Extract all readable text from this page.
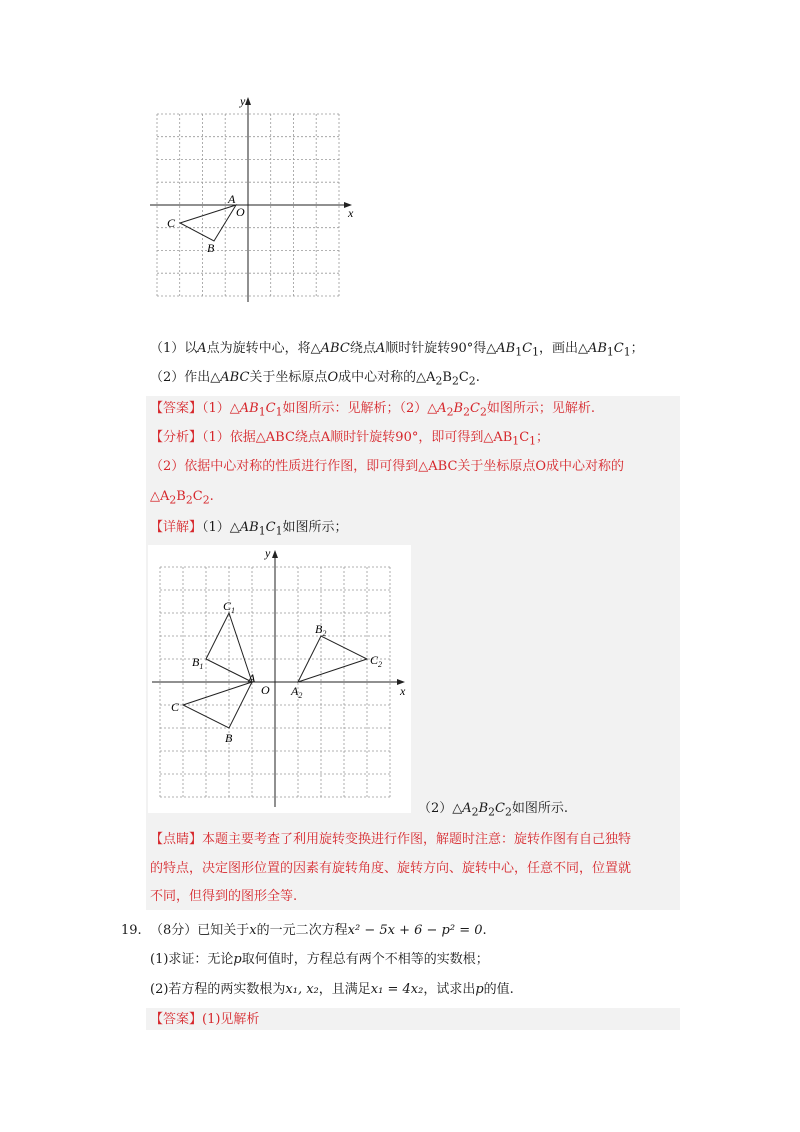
y
x
O
A
B
C
（1）以A点为旋转中心，将△ABC绕点A顺时针旋转90°得$\triangle AB_1C_1$，画出$\triangle AB_1C_1$；
（2）作出△ABC关于坐标原点O成中心对称的$\triangle A_2B_2C_2$.
【答案】$(1)\triangle AB_1C_1$如图所示：见解析；$(2)\triangle A_2B_2C_2$如图所示；见解析.
【分析】（1）依据△ABC绕点A顺时针旋转90°，即可得到$\triangle AB_1C_1$；
（2）依据中心对称的性质进行作图，即可得到△ABC关于坐标原点O成中心对称的
$\triangle A_2B_2C_2$.
【详解】$(1)\triangle AB_1C_1$如图所示；
y
x
O
A
B
C
$B_1$
$C_1$
$A_2$
$B_2$
$C_2$
$(2)\triangle A_2B_2C_2$如图所示.
【点睛】本题主要考查了利用旋转变换进行作图，解题时注意：旋转作图有自己独特
的特点，决定图形位置的因素有旋转角度、旋转方向、旋转中心，任意不同，位置就
不同，但得到的图形全等.
19. （8分）已知关于x的一元二次方程x² − 5x + 6 − p² = 0.
(1)求证：无论p取何值时，方程总有两个不相等的实数根；
(2)若方程的两实数根为x₁, x₂，且满足x₁ = 4x₂，试求出p的值.
【答案】(1)见解析
